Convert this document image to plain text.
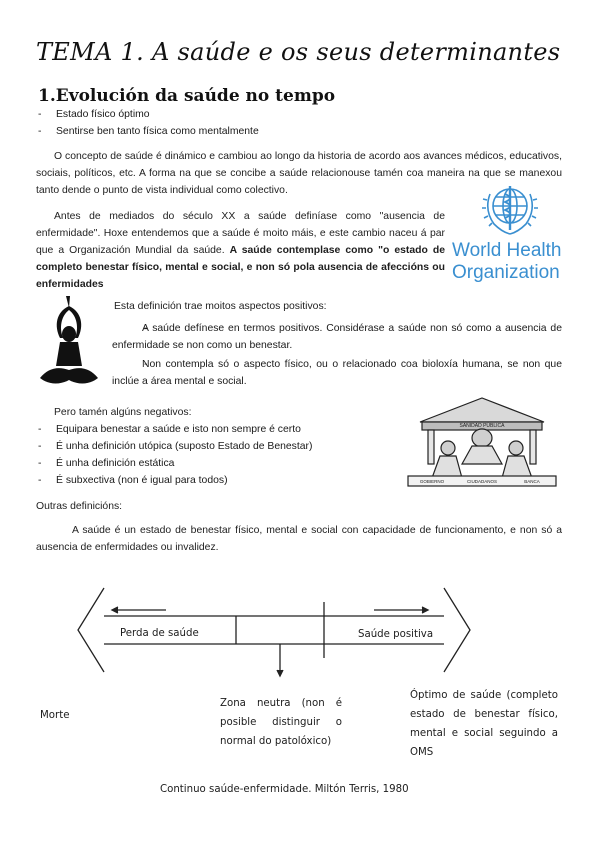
TEMA 1. A saúde e os seus determinantes
1.Evolución da saúde no tempo
- Estado físico óptimo
- Sentirse ben tanto física como mentalmente
O concepto de saúde é dinámico e cambiou ao longo da historia de acordo aos avances médicos, educativos, sociais, políticos, etc. A forma na que se concibe a saúde relacionouse tamén coa maneira na que se manexou tanto dende o punto de vista individual como colectivo.
Antes de mediados do século XX a saúde definíase como "ausencia de enfermidade". Hoxe entendemos que a saúde é moito máis, e este cambio naceu á par que a Organización Mundial da saúde. A saúde contemplase como "o estado de completo benestar físico, mental e social, e non só pola ausencia de afeccións ou enfermidades
World Health
Organization
Esta definición trae moitos aspectos positivos:
- A saúde defínese en termos positivos. Considérase a saúde non só como a ausencia de enfermidade se non como un benestar.
- Non contempla só o aspecto físico, ou o relacionado coa bioloxía humana, se non que inclúe a área mental e social.
Pero tamén algúns negativos:
- Equipara benestar a saúde e isto non sempre é certo
- É unha definición utópica (suposto Estado de Benestar)
- É unha definición estática
- É subxectiva (non é igual para todos)
SANIDAD PÚBLICA
GOBIERNO	CIUDADANOS	BANCA
Outras definicións:
A saúde é un estado de benestar físico, mental e social con capacidade de funcionamento, e non só a ausencia de enfermidades ou invalidez.
Perda de saúde	Saúde positiva
Morte
Zona neutra (non é posible distinguir o normal do patolóxico)
Óptimo de saúde (completo estado de benestar físico, mental e social seguindo a OMS
Continuo saúde-enfermidade. Miltón Terris, 1980
